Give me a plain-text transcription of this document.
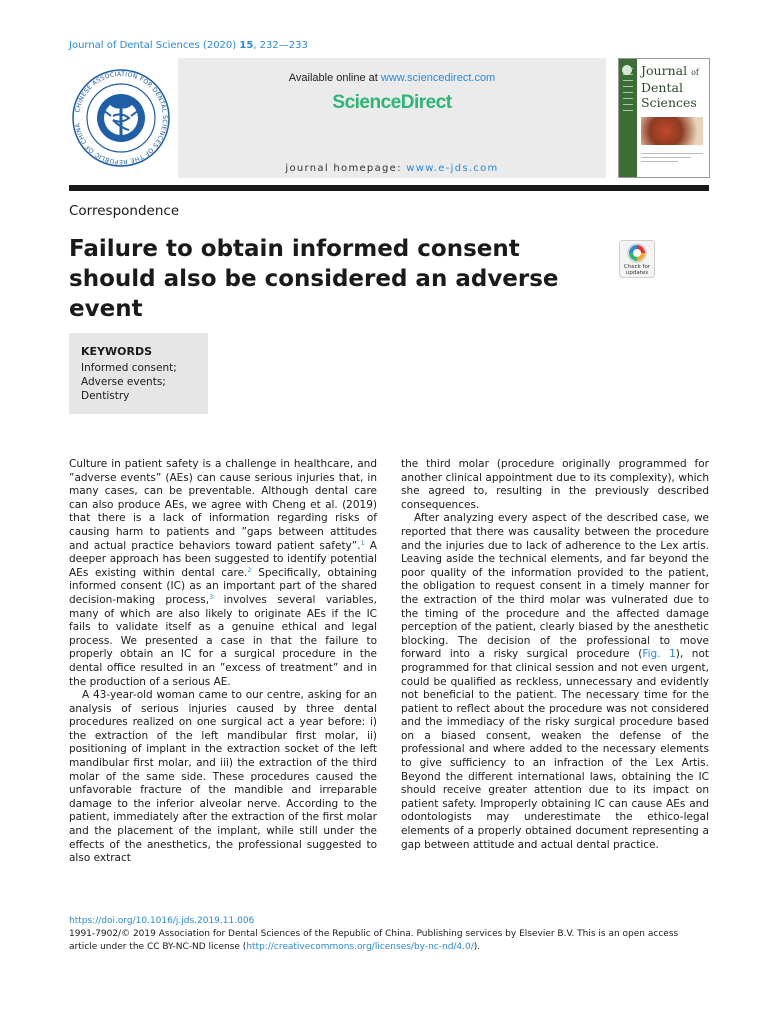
Journal of Dental Sciences (2020) 15, 232—233
CHINESE ASSOCIATION FOR DENTAL SCIENCES OF THE REPUBLIC OF CHINA
Available online at www.sciencedirect.com
ScienceDirect
journal homepage: www.e-jds.com
Journal of
Dental
Sciences
Correspondence
Failure to obtain informed consent should also be considered an adverse event
Check for
updates
KEYWORDS
Informed consent;
Adverse events;
Dentistry

Culture in patient safety is a challenge in healthcare, and ”adverse events” (AEs) can cause serious injuries that, in many cases, can be preventable. Although dental care can also produce AEs, we agree with Cheng et al. (2019) that there is a lack of information regarding risks of causing harm to patients and ”gaps between attitudes and actual practice behaviors toward patient safety”.$^1$ A deeper approach has been suggested to identify potential AEs existing within dental care.$^2$ Specifically, obtaining informed consent (IC) as an important part of the shared decision-making process,$^3$ involves several variables, many of which are also likely to originate AEs if the IC fails to validate itself as a genuine ethical and legal process. We presented a case in that the failure to properly obtain an IC for a surgical procedure in the dental office resulted in an ”excess of treatment” and in the production of a serious AE.

A 43-year-old woman came to our centre, asking for an analysis of serious injuries caused by three dental procedures realized on one surgical act a year before: i) the extraction of the left mandibular first molar, ii) positioning of implant in the extraction socket of the left mandibular first molar, and iii) the extraction of the third molar of the same side. These procedures caused the unfavorable fracture of the mandible and irreparable damage to the inferior alveolar nerve. According to the patient, immediately after the extraction of the first molar and the placement of the implant, while still under the effects of the anesthetics, the professional suggested to also extract

the third molar (procedure originally programmed for another clinical appointment due to its complexity), which she agreed to, resulting in the previously described consequences.

After analyzing every aspect of the described case, we reported that there was causality between the procedure and the injuries due to lack of adherence to the Lex artis. Leaving aside the technical elements, and far beyond the poor quality of the information provided to the patient, the obligation to request consent in a timely manner for the extraction of the third molar was vulnerated due to the timing of the procedure and the affected damage perception of the patient, clearly biased by the anesthetic blocking. The decision of the professional to move forward into a risky surgical procedure (Fig. 1), not programmed for that clinical session and not even urgent, could be qualified as reckless, unnecessary and evidently not beneficial to the patient. The necessary time for the patient to reflect about the procedure was not considered and the immediacy of the risky surgical procedure based on a biased consent, weaken the defense of the professional and where added to the necessary elements to give sufficiency to an infraction of the Lex Artis. Beyond the different international laws, obtaining the IC should receive greater attention due to its impact on patient safety. Improperly obtaining IC can cause AEs and odontologists may underestimate the ethico-legal elements of a properly obtained document representing a gap between attitude and actual dental practice.

https://doi.org/10.1016/j.jds.2019.11.006
1991-7902/© 2019 Association for Dental Sciences of the Republic of China. Publishing services by Elsevier B.V. This is an open access article under the CC BY-NC-ND license (http://creativecommons.org/licenses/by-nc-nd/4.0/).
